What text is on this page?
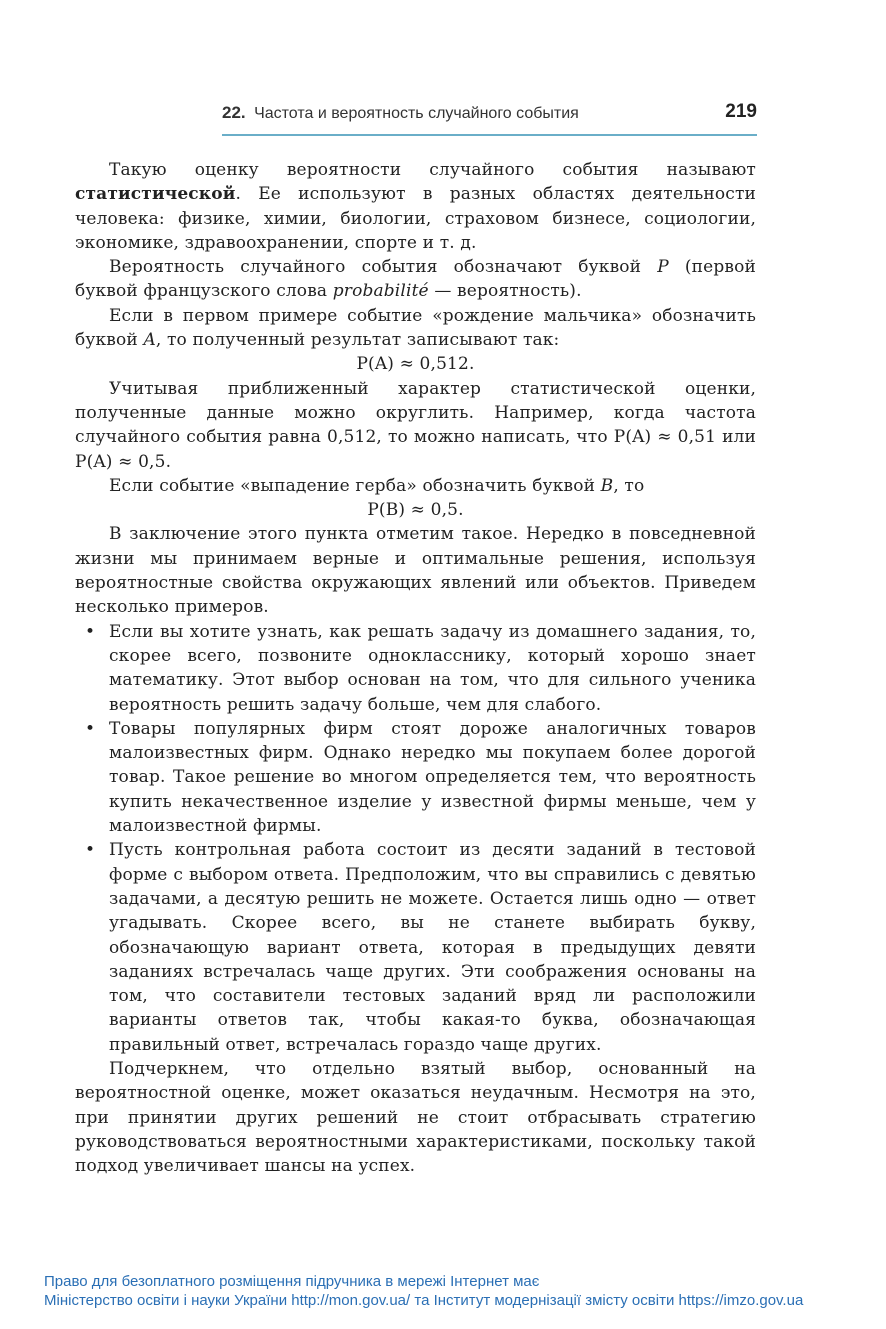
22. Частота и вероятность случайного события	219

Такую оценку вероятности случайного события называют статистической. Ее используют в разных областях деятельности человека: физике, химии, биологии, страховом бизнесе, социологии, экономике, здравоохранении, спорте и т. д.

Вероятность случайного события обозначают буквой P (первой буквой французского слова probabilité — вероятность).

Если в первом примере событие «рождение мальчика» обозначить буквой A, то полученный результат записывают так:

P(A) ≈ 0,512.

Учитывая приближенный характер статистической оценки, полученные данные можно округлить. Например, когда частота случайного события равна 0,512, то можно написать, что P(A) ≈ 0,51 или P(A) ≈ 0,5.

Если событие «выпадение герба» обозначить буквой B, то

P(B) ≈ 0,5.

В заключение этого пункта отметим такое. Нередко в повседневной жизни мы принимаем верные и оптимальные решения, используя вероятностные свойства окружающих явлений или объектов. Приведем несколько примеров.

• Если вы хотите узнать, как решать задачу из домашнего задания, то, скорее всего, позвоните однокласснику, который хорошо знает математику. Этот выбор основан на том, что для сильного ученика вероятность решить задачу больше, чем для слабого.
• Товары популярных фирм стоят дороже аналогичных товаров малоизвестных фирм. Однако нередко мы покупаем более дорогой товар. Такое решение во многом определяется тем, что вероятность купить некачественное изделие у известной фирмы меньше, чем у малоизвестной фирмы.
• Пусть контрольная работа состоит из десяти заданий в тестовой форме с выбором ответа. Предположим, что вы справились с девятью задачами, а десятую решить не можете. Остается лишь одно — ответ угадывать. Скорее всего, вы не станете выбирать букву, обозначающую вариант ответа, которая в предыдущих девяти заданиях встречалась чаще других. Эти соображения основаны на том, что составители тестовых заданий вряд ли расположили варианты ответов так, чтобы какая-то буква, обозначающая правильный ответ, встречалась гораздо чаще других.

Подчеркнем, что отдельно взятый выбор, основанный на вероятностной оценке, может оказаться неудачным. Несмотря на это, при принятии других решений не стоит отбрасывать стратегию руководствоваться вероятностными характеристиками, поскольку такой подход увеличивает шансы на успех.

Право для безоплатного розміщення підручника в мережі Інтернет має
Міністерство освіти і науки України http://mon.gov.ua/ та Інститут модернізації змісту освіти https://imzo.gov.ua
